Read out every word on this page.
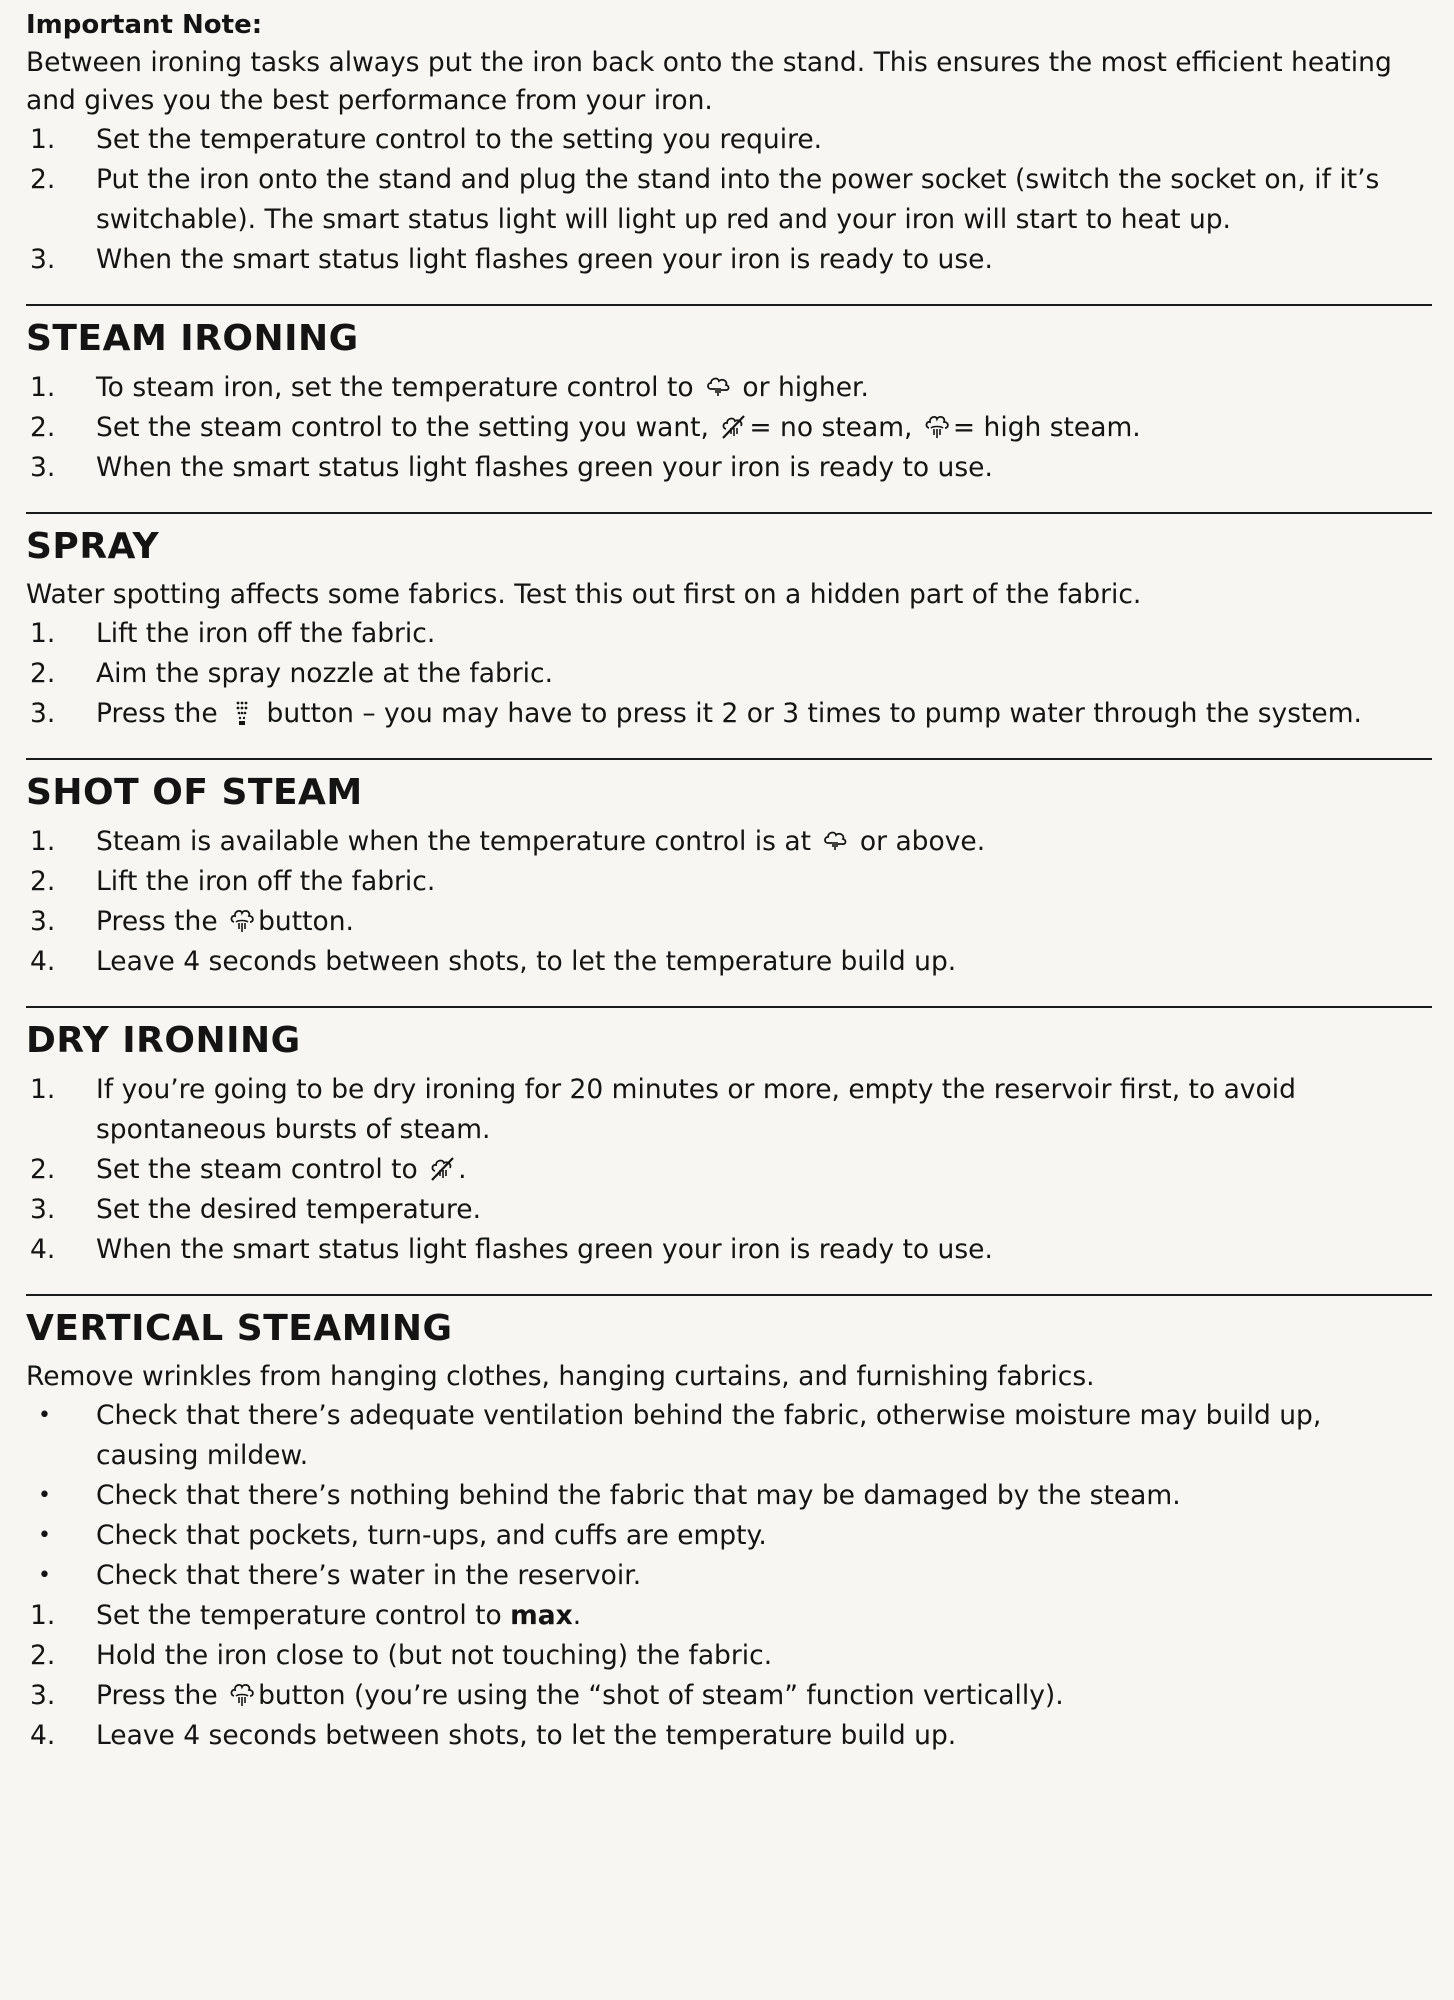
Important Note:

Between ironing tasks always put the iron back onto the stand. This ensures the most efficient heating and gives you the best performance from your iron.

1. Set the temperature control to the setting you require.
2. Put the iron onto the stand and plug the stand into the power socket (switch the socket on, if it’s switchable). The smart status light will light up red and your iron will start to heat up.
3. When the smart status light flashes green your iron is ready to use.
STEAM IRONING
1. To steam iron, set the temperature control to or higher.
2. Set the steam control to the setting you want, = no steam, = high steam.
3. When the smart status light flashes green your iron is ready to use.
SPRAY

Water spotting affects some fabrics. Test this out first on a hidden part of the fabric.

1. Lift the iron off the fabric.
2. Aim the spray nozzle at the fabric.
3. Press the button – you may have to press it 2 or 3 times to pump water through the system.
SHOT OF STEAM
1. Steam is available when the temperature control is at or above.
2. Lift the iron off the fabric.
3. Press the button.
4. Leave 4 seconds between shots, to let the temperature build up.
DRY IRONING
1. If you’re going to be dry ironing for 20 minutes or more, empty the reservoir first, to avoid spontaneous bursts of steam.
2. Set the steam control to .
3. Set the desired temperature.
4. When the smart status light flashes green your iron is ready to use.
VERTICAL STEAMING

Remove wrinkles from hanging clothes, hanging curtains, and furnishing fabrics.

• Check that there’s adequate ventilation behind the fabric, otherwise moisture may build up, causing mildew.
• Check that there’s nothing behind the fabric that may be damaged by the steam.
• Check that pockets, turn-ups, and cuffs are empty.
• Check that there’s water in the reservoir.
1. Set the temperature control to max.
2. Hold the iron close to (but not touching) the fabric.
3. Press the button (you’re using the “shot of steam” function vertically).
4. Leave 4 seconds between shots, to let the temperature build up.
